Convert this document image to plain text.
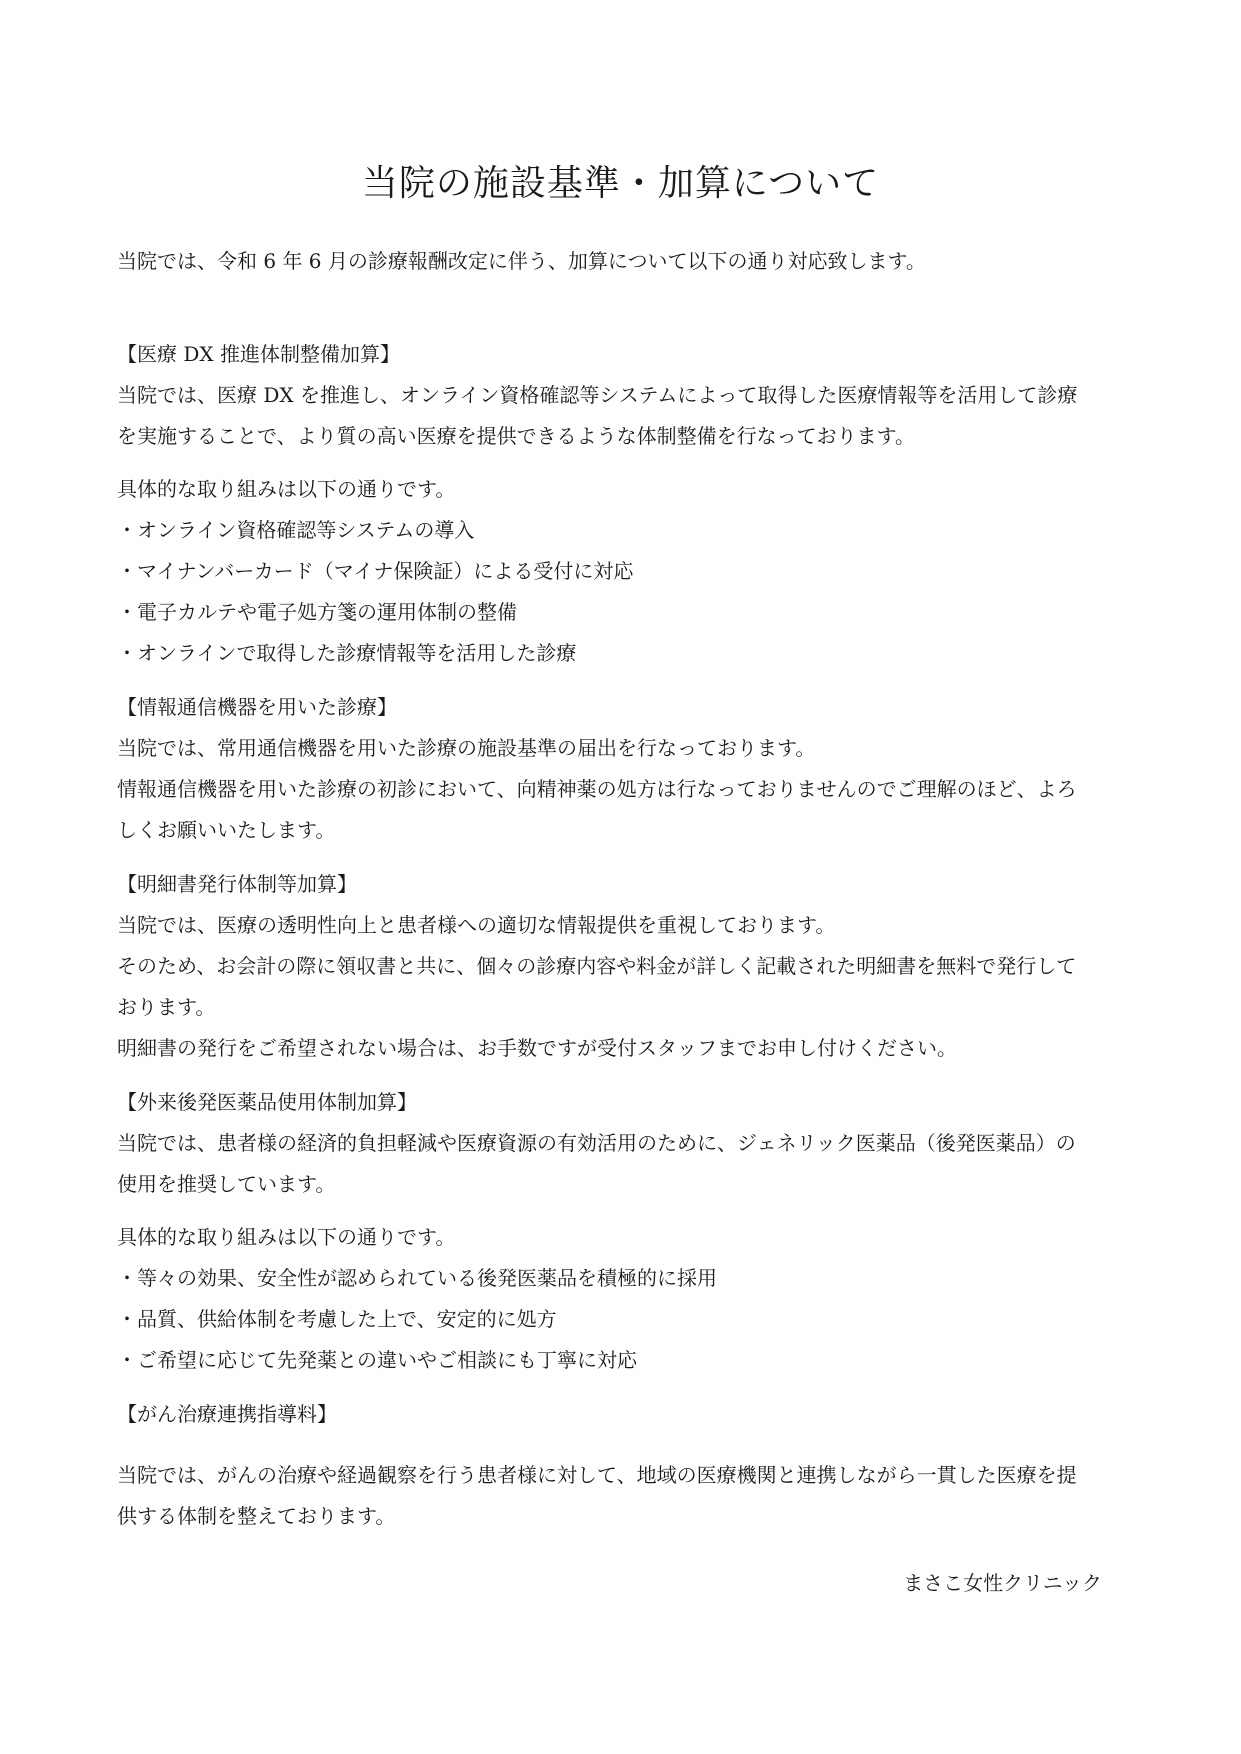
当院の施設基準・加算について

当院では、令和 6 年 6 月の診療報酬改定に伴う、加算について以下の通り対応致します。

【医療 DX 推進体制整備加算】

当院では、医療 DX を推進し、オンライン資格確認等システムによって取得した医療情報等を活用して診療

を実施することで、より質の高い医療を提供できるような体制整備を行なっております。

具体的な取り組みは以下の通りです。

・オンライン資格確認等システムの導入
・マイナンバーカード（マイナ保険証）による受付に対応
・電子カルテや電子処方箋の運用体制の整備
・オンラインで取得した診療情報等を活用した診療
【情報通信機器を用いた診療】

当院では、常用通信機器を用いた診療の施設基準の届出を行なっております。

情報通信機器を用いた診療の初診において、向精神薬の処方は行なっておりませんのでご理解のほど、よろ

しくお願いいたします。

【明細書発行体制等加算】

当院では、医療の透明性向上と患者様への適切な情報提供を重視しております。

そのため、お会計の際に領収書と共に、個々の診療内容や料金が詳しく記載された明細書を無料で発行して

おります。

明細書の発行をご希望されない場合は、お手数ですが受付スタッフまでお申し付けください。

【外来後発医薬品使用体制加算】

当院では、患者様の経済的負担軽減や医療資源の有効活用のために、ジェネリック医薬品（後発医薬品）の

使用を推奨しています。

具体的な取り組みは以下の通りです。

・等々の効果、安全性が認められている後発医薬品を積極的に採用
・品質、供給体制を考慮した上で、安定的に処方
・ご希望に応じて先発薬との違いやご相談にも丁寧に対応
【がん治療連携指導料】

当院では、がんの治療や経過観察を行う患者様に対して、地域の医療機関と連携しながら一貫した医療を提

供する体制を整えております。

まさこ女性クリニック
